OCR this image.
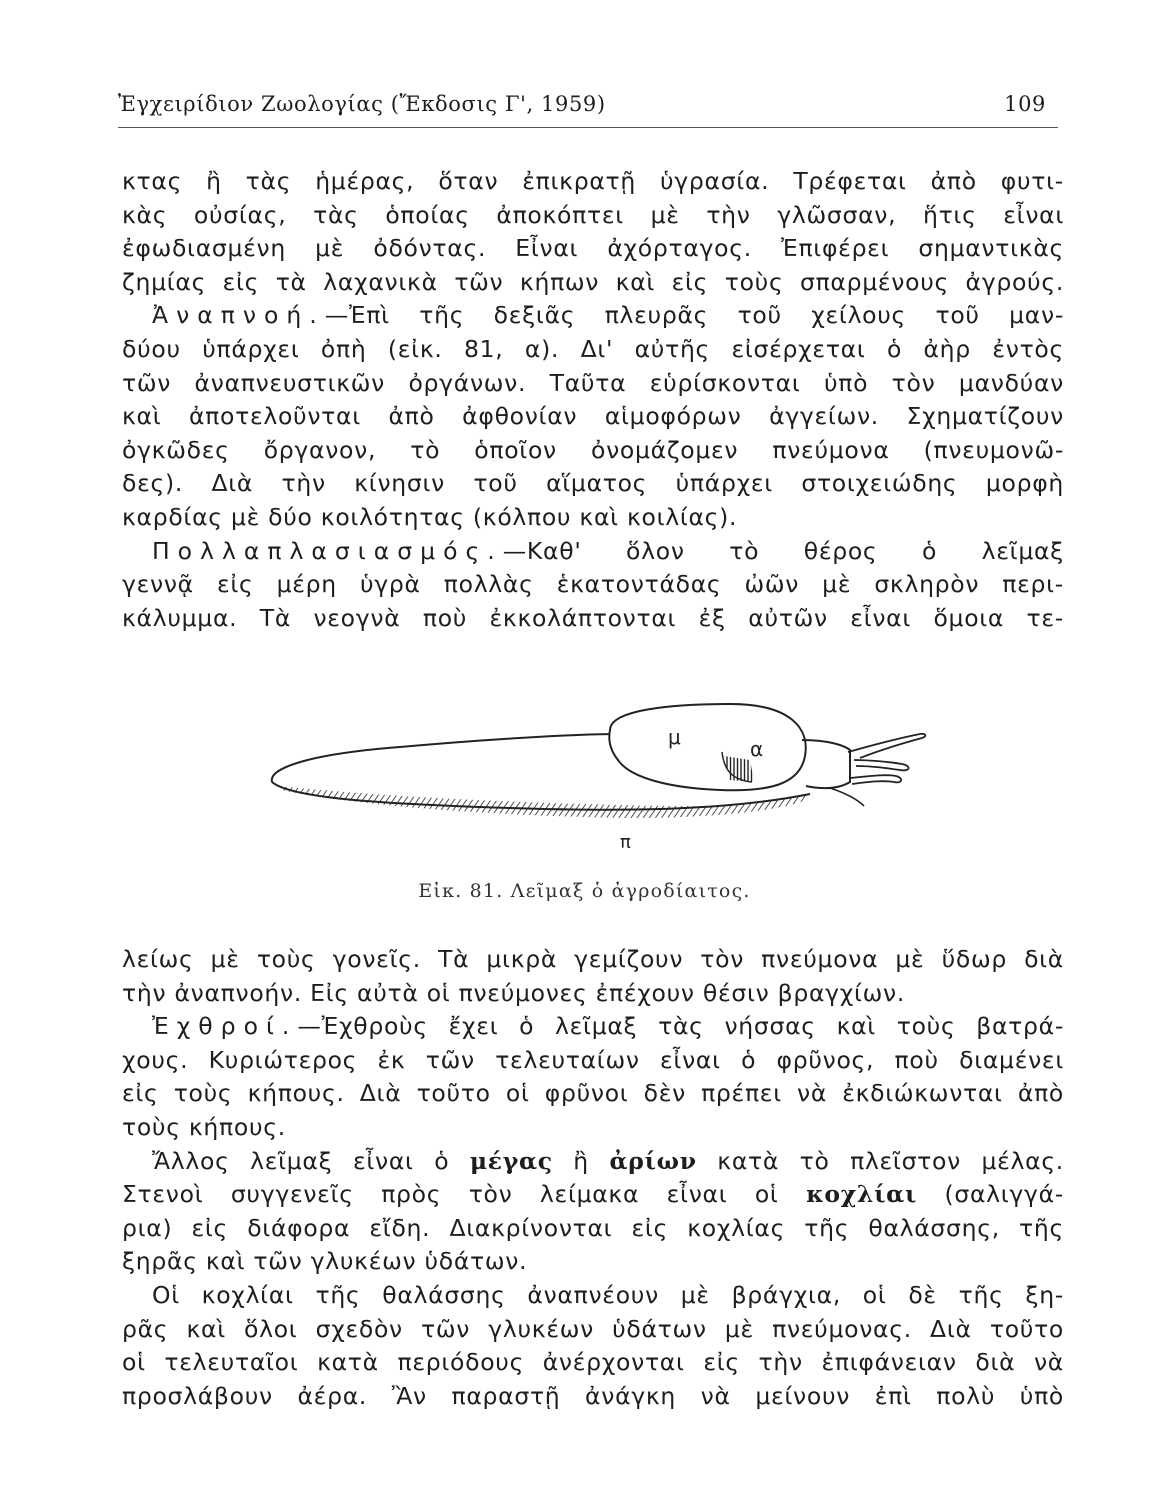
Ἐγχειρίδιον Ζωολογίας (Ἔκδοσις Γ', 1959)	109
κτας ἢ τὰς ἡμέρας, ὅταν ἐπικρατῇ ὑγρασία. Τρέφεται ἀπὸ φυτι-
κὰς οὐσίας, τὰς ὁποίας ἀποκόπτει μὲ τὴν γλῶσσαν, ἥτις εἶναι
ἐφωδιασμένη μὲ ὀδόντας. Εἶναι ἀχόρταγος. Ἐπιφέρει σημαντικὰς
ζημίας εἰς τὰ λαχανικὰ τῶν κήπων καὶ εἰς τοὺς σπαρμένους ἀγρούς.
Ἀναπνοή.—Ἐπὶ τῆς δεξιᾶς πλευρᾶς τοῦ χείλους τοῦ μαν-
δύου ὑπάρχει ὀπὴ (εἰκ. 81, α). Δι' αὐτῆς εἰσέρχεται ὁ ἀὴρ ἐντὸς
τῶν ἀναπνευστικῶν ὀργάνων. Ταῦτα εὑρίσκονται ὑπὸ τὸν μανδύαν
καὶ ἀποτελοῦνται ἀπὸ ἀφθονίαν αἱμοφόρων ἀγγείων. Σχηματίζουν
ὀγκῶδες ὄργανον, τὸ ὁποῖον ὀνομάζομεν πνεύμονα (πνευμονῶ-
δες). Διὰ τὴν κίνησιν τοῦ αἵματος ὑπάρχει στοιχειώδης μορφὴ
καρδίας μὲ δύο κοιλότητας (κόλπου καὶ κοιλίας).
Πολλαπλασιασμός.—Καθ' ὅλον τὸ θέρος ὁ λεῖμαξ
γεννᾷ εἰς μέρη ὑγρὰ πολλὰς ἑκατοντάδας ὠῶν μὲ σκληρὸν περι-
κάλυμμα. Τὰ νεογνὰ ποὺ ἐκκολάπτονται ἐξ αὐτῶν εἶναι ὅμοια τε-
μ	α
π
Εἰκ. 81. Λεῖμαξ ὁ ἀγροδίαιτος.
λείως μὲ τοὺς γονεῖς. Τὰ μικρὰ γεμίζουν τὸν πνεύμονα μὲ ὕδωρ διὰ
τὴν ἀναπνοήν. Εἰς αὐτὰ οἱ πνεύμονες ἐπέχουν θέσιν βραγχίων.
Ἐχθροί.—Ἐχθροὺς ἔχει ὁ λεῖμαξ τὰς νήσσας καὶ τοὺς βατρά-
χους. Κυριώτερος ἐκ τῶν τελευταίων εἶναι ὁ φρῦνος, ποὺ διαμένει
εἰς τοὺς κήπους. Διὰ τοῦτο οἱ φρῦνοι δὲν πρέπει νὰ ἐκδιώκωνται ἀπὸ
τοὺς κήπους.
Ἄλλος λεῖμαξ εἶναι ὁ μέγας ἢ ἀρίων κατὰ τὸ πλεῖστον μέλας.
Στενοὶ συγγενεῖς πρὸς τὸν λείμακα εἶναι οἱ κοχλίαι (σαλιγγά-
ρια) εἰς διάφορα εἴδη. Διακρίνονται εἰς κοχλίας τῆς θαλάσσης, τῆς
ξηρᾶς καὶ τῶν γλυκέων ὑδάτων.
Οἱ κοχλίαι τῆς θαλάσσης ἀναπνέουν μὲ βράγχια, οἱ δὲ τῆς ξη-
ρᾶς καὶ ὅλοι σχεδὸν τῶν γλυκέων ὑδάτων μὲ πνεύμονας. Διὰ τοῦτο
οἱ τελευταῖοι κατὰ περιόδους ἀνέρχονται εἰς τὴν ἐπιφάνειαν διὰ νὰ
προσλάβουν ἀέρα. Ἂν παραστῇ ἀνάγκη νὰ μείνουν ἐπὶ πολὺ ὑπὸ
